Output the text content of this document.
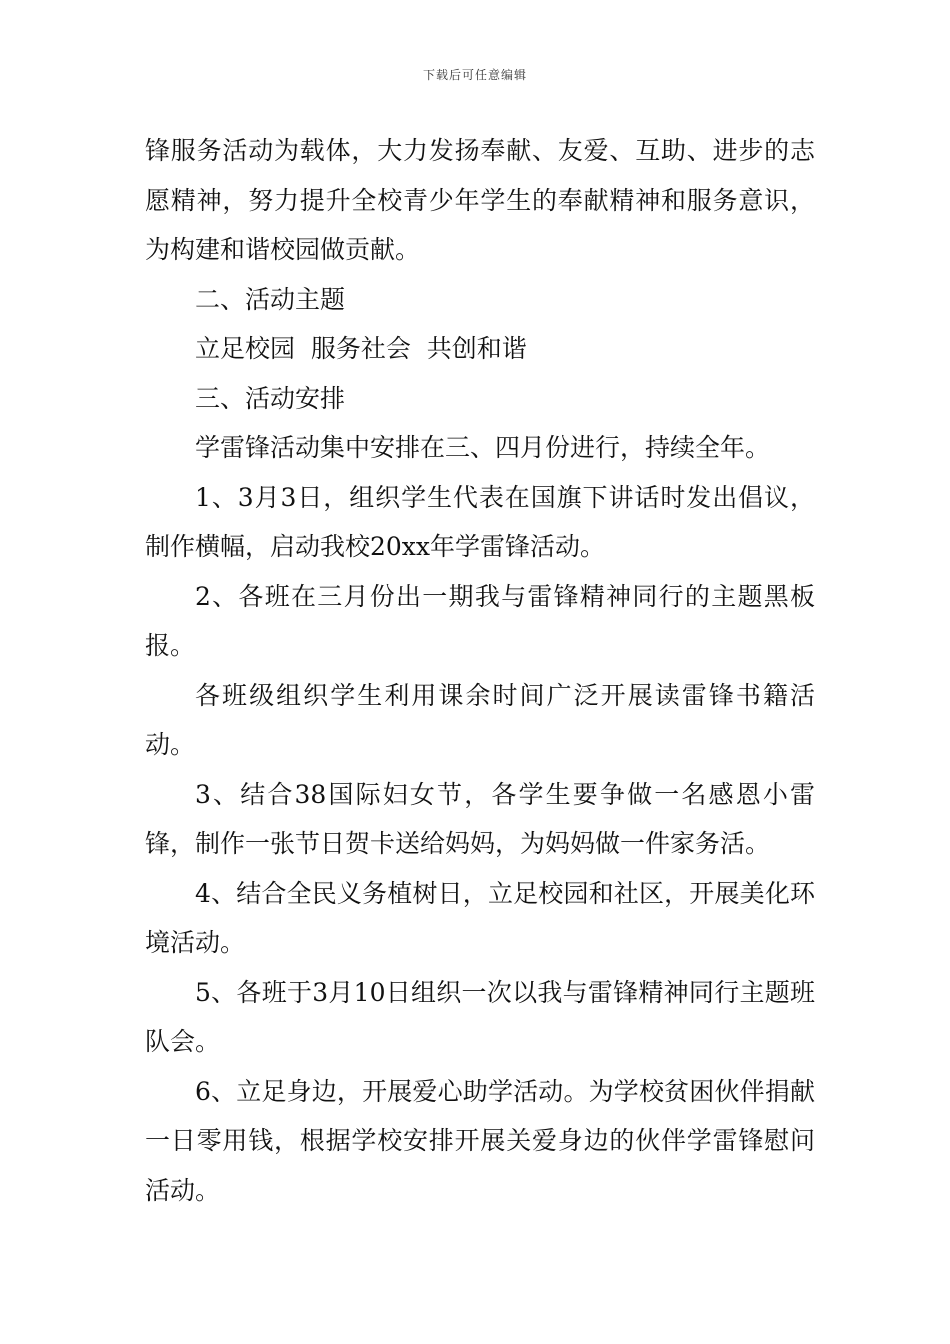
下载后可任意编辑

锋服务活动为载体，大力发扬奉献、友爱、互助、进步的志愿精神，努力提升全校青少年学生的奉献精神和服务意识，为构建和谐校园做贡献。

二、活动主题

立足校园  服务社会  共创和谐

三、活动安排

学雷锋活动集中安排在三、四月份进行，持续全年。

1、3月3日，组织学生代表在国旗下讲话时发出倡议，制作横幅，启动我校20xx年学雷锋活动。

2、各班在三月份出一期我与雷锋精神同行的主题黑板报。

各班级组织学生利用课余时间广泛开展读雷锋书籍活动。

3、结合38国际妇女节，各学生要争做一名感恩小雷锋，制作一张节日贺卡送给妈妈，为妈妈做一件家务活。

4、结合全民义务植树日，立足校园和社区，开展美化环境活动。

5、各班于3月10日组织一次以我与雷锋精神同行主题班队会。

6、立足身边，开展爱心助学活动。为学校贫困伙伴捐献一日零用钱，根据学校安排开展关爱身边的伙伴学雷锋慰问活动。
